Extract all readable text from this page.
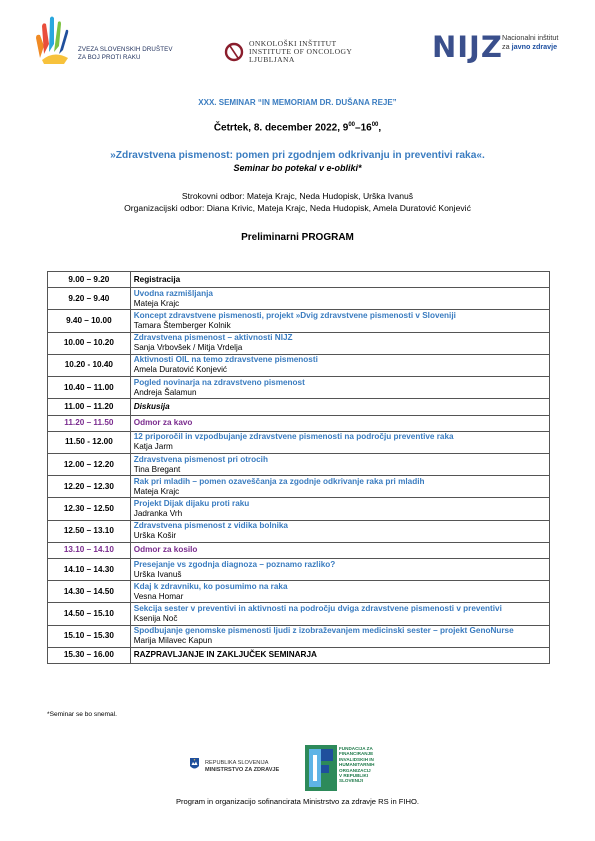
ZVEZA SLOVENSKIH DRUŠTEV
ZA BOJ PROTI RAKU
ONKOLOŠKI INŠTITUT
INSTITUTE OF ONCOLOGY
LJUBLJANA	NIJZ Nacionalni inštitut
za javno zdravje
XXX. SEMINAR “IN MEMORIAM DR. DUŠANA REJE”
Četrtek, 8. december 2022, $9^{00}-16^{00}$,
»Zdravstvena pismenost: pomen pri zgodnjem odkrivanju in preventivi raka«.
Seminar bo potekal v e-obliki*
Strokovni odbor: Mateja Krajc, Neda Hudopisk, Urška Ivanuš
Organizacijski odbor: Diana Krivic, Mateja Krajc, Neda Hudopisk, Amela Duratović Konjević
Preliminarni PROGRAM
9.00 – 9.20	Registracija
9.20 – 9.40	Uvodna razmišljanja
Mateja Krajc

9.40 – 10.00	Koncept zdravstvene pismenosti, projekt »Dvig zdravstvene pismenosti v Sloveniji
Tamara Štemberger Kolnik

10.00 – 10.20	Zdravstvena pismenost – aktivnosti NIJZ
Sanja Vrbovšek / Mitja Vrdelja

10.20 - 10.40	Aktivnosti OIL na temo zdravstvene pismenosti
Amela Duratović Konjević

10.40 – 11.00	Pogled novinarja na zdravstveno pismenost
Andreja Šalamun

11.00 – 11.20	Diskusija
11.20 – 11.50	Odmor za kavo
11.50 - 12.00	12 priporočil in vzpodbujanje zdravstvene pismenosti na področju preventive raka
Katja Jarm

12.00 – 12.20	Zdravstvena pismenost pri otrocih
Tina Bregant

12.20 – 12.30	Rak pri mladih – pomen ozaveščanja za zgodnje odkrivanje raka pri mladih
Mateja Krajc

12.30 – 12.50	Projekt Dijak dijaku proti raku
Jadranka Vrh

12.50 – 13.10	Zdravstvena pismenost z vidika bolnika
Urška Košir

13.10 – 14.10	Odmor za kosilo
14.10 – 14.30	Presejanje vs zgodnja diagnoza – poznamo razliko?
Urška Ivanuš

14.30 – 14.50	Kdaj k zdravniku, ko posumimo na raka
Vesna Homar

14.50 – 15.10	Sekcija sester v preventivi in aktivnosti na področju dviga zdravstvene pismenosti v preventivi
Ksenija Noč

15.10 – 15.30	Spodbujanje genomske pismenosti ljudi z izobraževanjem medicinski sester – projekt GenoNurse
Marija Milavec Kapun

15.30 – 16.00	RAZPRAVLJANJE IN ZAKLJUČEK SEMINARJA
*Seminar se bo snemal.
REPUBLIKA SLOVENIJA
MINISTRSTVO ZA ZDRAVJE
FUNDACIJA ZA
FINANCIRANJE
INVALIDSKIH IN
HUMANITARNIH
ORGANIZACIJ
V REPUBLIKI
SLOVENIJI
Program in organizacijo sofinancirata Ministrstvo za zdravje RS in FIHO.
